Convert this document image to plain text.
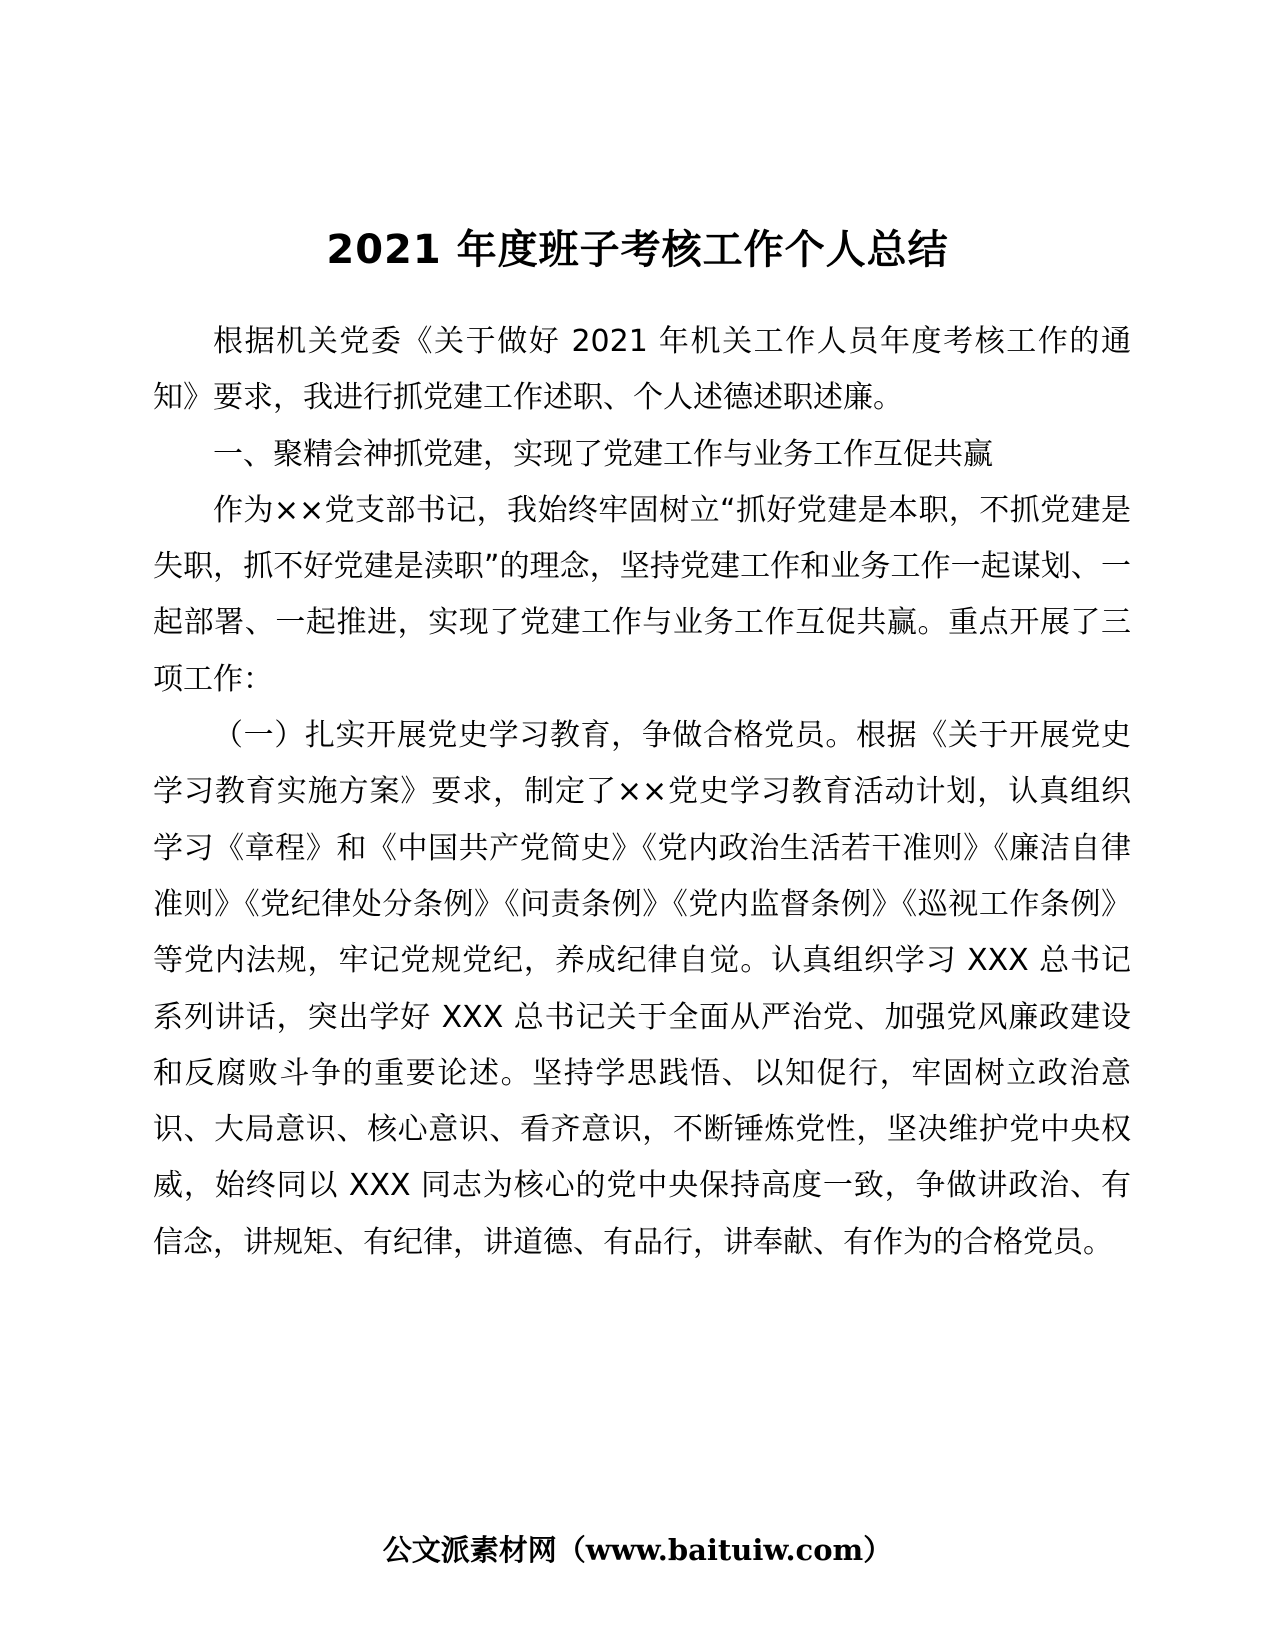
2021 年度班子考核工作个人总结

根据机关党委《关于做好 2021 年机关工作人员年度考核工作的通知》要求，我进行抓党建工作述职、个人述德述职述廉。

一、聚精会神抓党建，实现了党建工作与业务工作互促共赢

作为××党支部书记，我始终牢固树立“抓好党建是本职，不抓党建是失职，抓不好党建是渎职”的理念，坚持党建工作和业务工作一起谋划、一起部署、一起推进，实现了党建工作与业务工作互促共赢。重点开展了三项工作：

（一）扎实开展党史学习教育，争做合格党员。根据《关于开展党史学习教育实施方案》要求，制定了××党史学习教育活动计划，认真组织学习《章程》和《中国共产党简史》《党内政治生活若干准则》《廉洁自律准则》《党纪律处分条例》《问责条例》《党内监督条例》《巡视工作条例》等党内法规，牢记党规党纪，养成纪律自觉。认真组织学习 XXX 总书记系列讲话，突出学好 XXX 总书记关于全面从严治党、加强党风廉政建设和反腐败斗争的重要论述。坚持学思践悟、以知促行，牢固树立政治意识、大局意识、核心意识、看齐意识，不断锤炼党性，坚决维护党中央权威，始终同以 XXX 同志为核心的党中央保持高度一致，争做讲政治、有信念，讲规矩、有纪律，讲道德、有品行，讲奉献、有作为的合格党员。

公文派素材网（www.baituiw.com）
